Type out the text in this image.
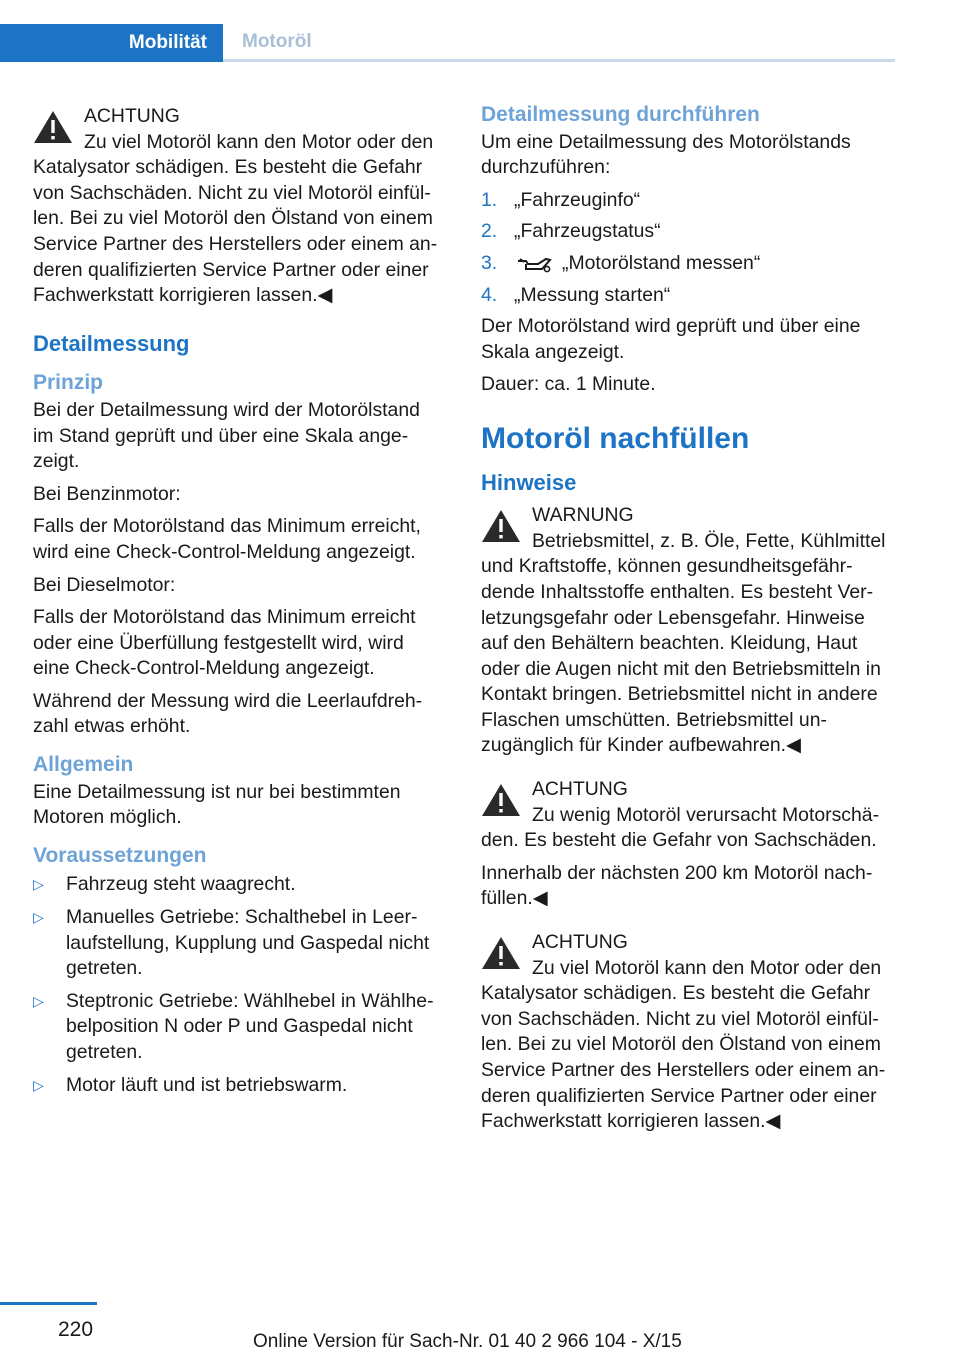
Mobilität	Motoröl
ACHTUNG
Zu viel Motoröl kann den Motor oder den Katalysator schädigen. Es besteht die Gefahr von Sachschäden. Nicht zu viel Motoröl einfüllen. Bei zu viel Motoröl den Ölstand von einem Service Partner des Herstellers oder einem anderen qualifizierten Service Partner oder einer Fachwerkstatt korrigieren lassen.◀
Detailmessung
Prinzip

Bei der Detailmessung wird der Motorölstand im Stand geprüft und über eine Skala angezeigt.

Bei Benzinmotor:

Falls der Motorölstand das Minimum erreicht, wird eine Check-Control-Meldung angezeigt.

Bei Dieselmotor:

Falls der Motorölstand das Minimum erreicht oder eine Überfüllung festgestellt wird, wird eine Check-Control-Meldung angezeigt.

Während der Messung wird die Leerlaufdrehzahl etwas erhöht.

Allgemein

Eine Detailmessung ist nur bei bestimmten Motoren möglich.

Voraussetzungen
▷ Fahrzeug steht waagrecht.
▷ Manuelles Getriebe: Schalthebel in Leerlaufstellung, Kupplung und Gaspedal nicht getreten.
▷ Steptronic Getriebe: Wählhebel in Wählhebelposition N oder P und Gaspedal nicht getreten.
▷ Motor läuft und ist betriebswarm.
Detailmessung durchführen

Um eine Detailmessung des Motorölstands durchzuführen:

1. „Fahrzeuginfo“
2. „Fahrzeugstatus“
3.	„Motorölstand messen“
4. „Messung starten“

Der Motorölstand wird geprüft und über eine Skala angezeigt.

Dauer: ca. 1 Minute.

Motoröl nachfüllen
Hinweise
WARNUNG
Betriebsmittel, z. B. Öle, Fette, Kühlmittel und Kraftstoffe, können gesundheitsgefährdende Inhaltsstoffe enthalten. Es besteht Verletzungsgefahr oder Lebensgefahr. Hinweise auf den Behältern beachten. Kleidung, Haut oder die Augen nicht mit den Betriebsmitteln in Kontakt bringen. Betriebsmittel nicht in andere Flaschen umschütten. Betriebsmittel unzugänglich für Kinder aufbewahren.◀
ACHTUNG
Zu wenig Motoröl verursacht Motorschäden. Es besteht die Gefahr von Sachschäden.

Innerhalb der nächsten 200 km Motoröl nachfüllen.◀

ACHTUNG
Zu viel Motoröl kann den Motor oder den Katalysator schädigen. Es besteht die Gefahr von Sachschäden. Nicht zu viel Motoröl einfüllen. Bei zu viel Motoröl den Ölstand von einem Service Partner des Herstellers oder einem anderen qualifizierten Service Partner oder einer Fachwerkstatt korrigieren lassen.◀
220
Online Version für Sach-Nr. 01 40 2 966 104 - X/15
